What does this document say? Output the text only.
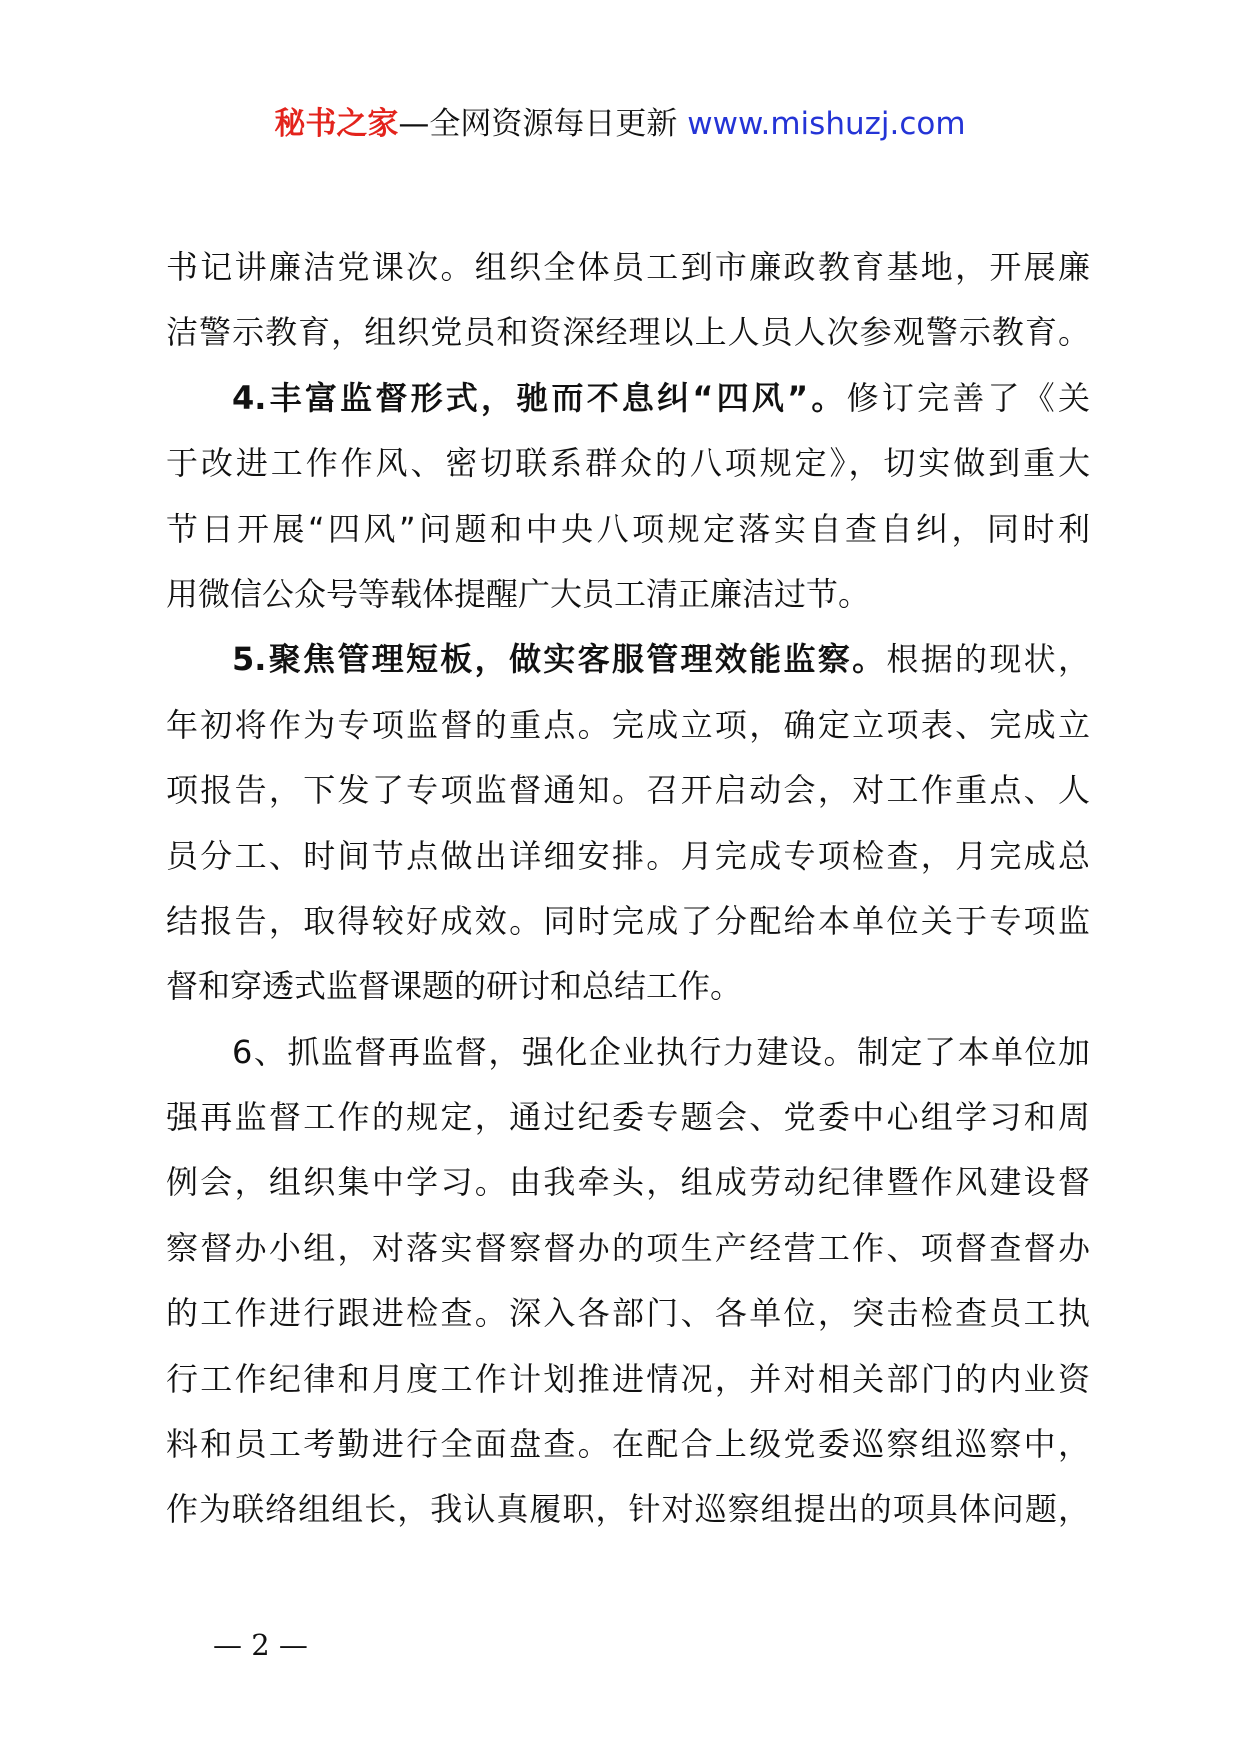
秘书之家—全网资源每日更新 www.mishuzj.com
书记讲廉洁党课次。组织全体员工到市廉政教育基地，开展廉
洁警示教育，组织党员和资深经理以上人员人次参观警示教育。
4.丰富监督形式，驰而不息纠“四风”。修订完善了《关
于改进工作作风、密切联系群众的八项规定》，切实做到重大
节日开展“四风”问题和中央八项规定落实自查自纠，同时利
用微信公众号等载体提醒广大员工清正廉洁过节。
5.聚焦管理短板，做实客服管理效能监察。根据的现状，
年初将作为专项监督的重点。完成立项，确定立项表、完成立
项报告，下发了专项监督通知。召开启动会，对工作重点、人
员分工、时间节点做出详细安排。月完成专项检查，月完成总
结报告，取得较好成效。同时完成了分配给本单位关于专项监
督和穿透式监督课题的研讨和总结工作。
6、抓监督再监督，强化企业执行力建设。制定了本单位加
强再监督工作的规定，通过纪委专题会、党委中心组学习和周
例会，组织集中学习。由我牵头，组成劳动纪律暨作风建设督
察督办小组，对落实督察督办的项生产经营工作、项督查督办
的工作进行跟进检查。深入各部门、各单位，突击检查员工执
行工作纪律和月度工作计划推进情况，并对相关部门的内业资
料和员工考勤进行全面盘查。在配合上级党委巡察组巡察中，
作为联络组组长，我认真履职，针对巡察组提出的项具体问题，
— 2 —
